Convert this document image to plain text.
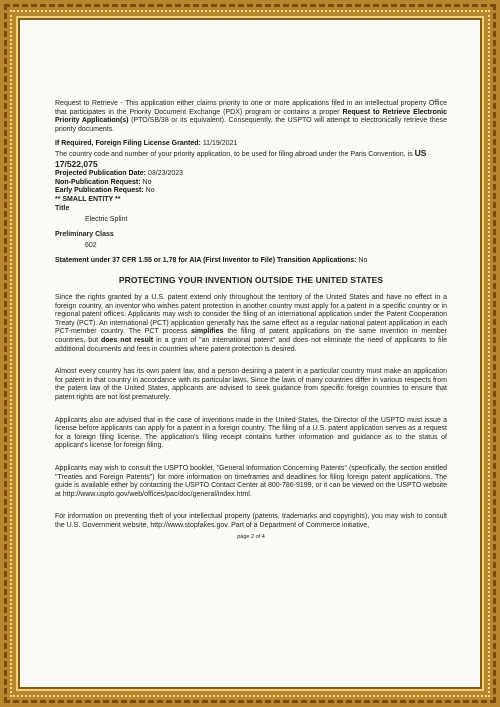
Request to Retrieve - This application either claims priority to one or more applications filed in an intellectual property Office that participates in the Priority Document Exchange (PDX) program or contains a proper Request to Retrieve Electronic Priority Application(s) (PTO/SB/38 or its equivalent). Consequently, the USPTO will attempt to electronically retrieve these priority documents.

If Required, Foreign Filing License Granted: 11/19/2021

The country code and number of your priority application, to be used for filing abroad under the Paris Convention, is US 17/522,075

Projected Publication Date: 03/23/2023

Non-Publication Request: No

Early Publication Request: No

** SMALL ENTITY **

Title

Electric Splint

Preliminary Class

602

Statement under 37 CFR 1.55 or 1.78 for AIA (First Inventor to File) Transition Applications: No

PROTECTING YOUR INVENTION OUTSIDE THE UNITED STATES

Since the rights granted by a U.S. patent extend only throughout the territory of the United States and have no effect in a foreign country, an inventor who wishes patent protection in another country must apply for a patent in a specific country or in regional patent offices. Applicants may wish to consider the filing of an international application under the Patent Cooperation Treaty (PCT). An international (PCT) application generally has the same effect as a regular national patent application in each PCT-member country. The PCT process simplifies the filing of patent applications on the same invention in member countries, but does not result in a grant of "an international patent" and does not eliminate the need of applicants to file additional documents and fees in countries where patent protection is desired.

Almost every country has its own patent law, and a person desiring a patent in a particular country must make an application for patent in that country in accordance with its particular laws. Since the laws of many countries differ in various respects from the patent law of the United States, applicants are advised to seek guidance from specific foreign countries to ensure that patent rights are not lost prematurely.

Applicants also are advised that in the case of inventions made in the United States, the Director of the USPTO must issue a license before applicants can apply for a patent in a foreign country. The filing of a U.S. patent application serves as a request for a foreign filing license. The application's filing receipt contains further information and guidance as to the status of applicant's license for foreign filing.

Applicants may wish to consult the USPTO booklet, "General Information Concerning Patents" (specifically, the section entitled "Treaties and Foreign Patents") for more information on timeframes and deadlines for filing foreign patent applications. The guide is available either by contacting the USPTO Contact Center at 800-786-9199, or it can be viewed on the USPTO website at http://www.uspto.gov/web/offices/pac/doc/general/index.html.

For information on preventing theft of your intellectual property (patents, trademarks and copyrights), you may wish to consult the U.S. Government website, http://www.stopfakes.gov. Part of a Department of Commerce initiative,

page 2 of 4
